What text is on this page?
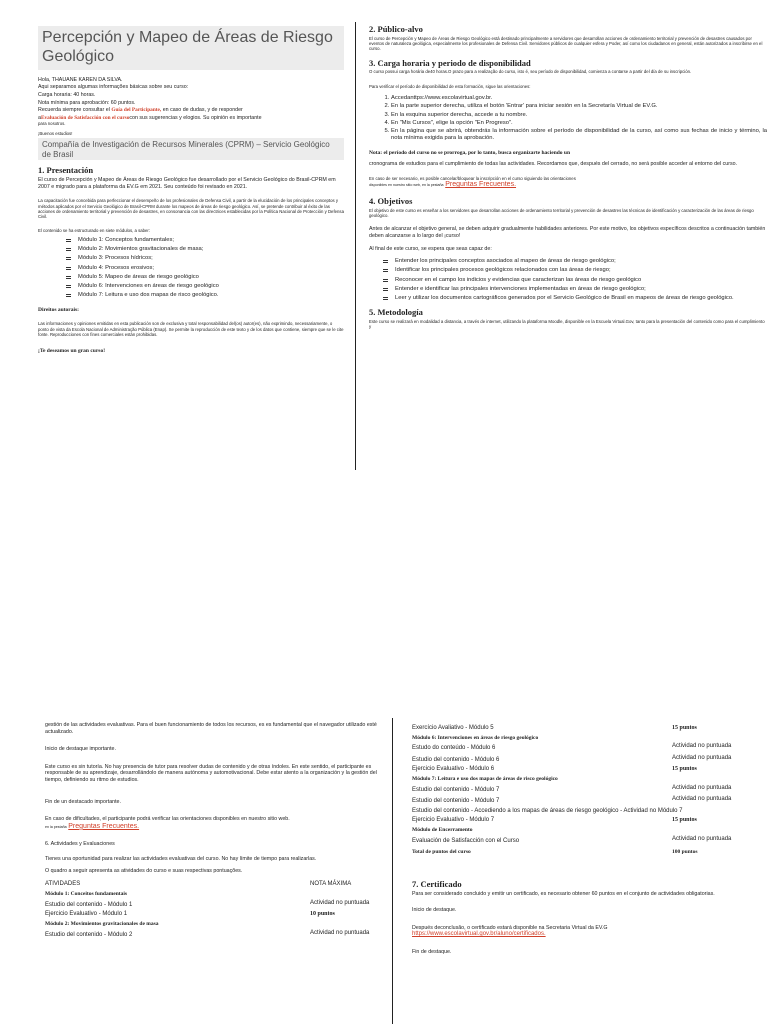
Percepción y Mapeo de Áreas de Riesgo Geológico

Hola, THAUANE KAREN DA SILVA.

Aqui separamos algumas informações básicas sobre seu curso:

Carga horaria: 40 horas.

Nota mínima para aprobación: 60 puntos.

Recuerda siempre consultar el Guía del Participante, en caso de dudas, y de responder

aEvaluación de Satisfacción con el cursocon sus sugerencias y elogios. Su opinión es importante

para nosotros.

¡Buenos estudios!

Compañía de Investigación de Recursos Minerales (CPRM) – Servicio Geológico de Brasil
1. Presentación

El curso de Percepción y Mapeo de Áreas de Riesgo Geológico fue desarrollado por el Servicio Geológico do Brasil-CPRM em 2007 e migrado para a plataforma da EV.G em 2021. Seu conteúdo foi revisado en 2021.

La capacitación fue concebida para perfeccionar el desempeño de los profesionales de Defensa Civil, a partir de la elucidación de los principales conceptos y métodos aplicados por el Servicio Geológico de Brasil-CPRM durante los mapeos de áreas de riesgo geológico. Así, se pretende contribuir al éxito de las acciones de ordenamiento territorial y prevención de desastres, en consonancia con las directrices establecidas por la Política Nacional de Protección y Defensa Civil.

El contenido se ha estructurado en siete módulos, a saber:

Módulo 1: Conceptos fundamentales;
Módulo 2: Movimientos gravitacionales de masa;
Módulo 3: Procesos hídricos;
Módulo 4: Procesos erosivos;
Módulo 5: Mapeo de áreas de riesgo geológico
Módulo 6: Intervenciones en áreas de riesgo geológico
Módulo 7: Leitura e uso dos mapas de risco geológico.

Direitos autorais:

Las informaciones y opiniones emitidas en esta publicación son de exclusiva y total responsabilidad del(os) autor(es), não exprimindo, necessariamente, o ponto de vista da Escola Nacional de Administração Pública (Enap). Se permite la reproducción de este texto y de los datos que contiene, siempre que se le cite fonte. Reproducciones con fines comerciales están prohibidas.

¡Te deseamos un gran curso!

2. Público-alvo

El curso de Percepción y Mapeo de Áreas de Riesgo Geológico está destinado principalmente a servidores que desarrollan acciones de ordenamiento territorial y prevención de desastres causados por eventos de naturaleza geológica, especialmente los profesionales de Defensa Civil. Servidores públicos de cualquier esfera y Poder, así como los ciudadanos en general, están autorizados a inscribirse en el curso.

3. Carga horaria y periodo de disponibilidad

O curso possui carga horária de40 horas.O prazo para a realização do curso, isto é, seu período de disponibilidad, comienza a contarse a partir del día de su inscripción.

Para verificar el período de disponibilidad de esta formación, sigue las orientaciones:

1. Accedanttps://www.escolavirtual.gov.br.
2. En la parte superior derecha, utiliza el botón 'Entrar' para iniciar sesión en la Secretaría Virtual de EV.G.
3. En la esquina superior derecha, accede a tu nombre.
4. En "Mis Cursos", elige la opción "En Progreso".
5. En la página que se abrirá, obtendrás la información sobre el período de disponibilidad de la curso, así como sus fechas de inicio y término, la nota mínima exigida para la aprobación.

Nota: el período del curso no se prorroga, por lo tanto, busca organizarte haciendo un

cronograma de estudios para el cumplimiento de todas las actividades. Recordamos que, después del cerrado, no será posible acceder al entorno del curso.

En caso de ser necesario, es posible cancelar/bloquear la inscripción en el curso siguiendo las orientaciones

disponibles en nuestro sitio web, en la pestaña Preguntas Frecuentes.

4. Objetivos

El objetivo de este curso es enseñar a los servidores que desarrollan acciones de ordenamiento territorial y prevención de desastres las técnicas de identificación y caracterización de las áreas de riesgo geológico.

Antes de alcanzar el objetivo general, se deben adquirir gradualmente habilidades anteriores. Por este motivo, los objetivos específicos descritos a continuación también deben alcanzarse a lo largo del ¡curso!

Al final de este curso, se espera que seas capaz de:

Entender los principales conceptos asociados al mapeo de áreas de riesgo geológico;
Identificar los principales procesos geológicos relacionados con las áreas de riesgo;
Reconocer en el campo los indicios y evidencias que caracterizan las áreas de riesgo geológico
Entender e identificar las principales intervenciones implementadas en áreas de riesgo geológico;
Leer y utilizar los documentos cartográficos generados por el Servicio Geológico de Brasil en mapeos de áreas de riesgo geológico.
5. Metodología

Este curso se realizará en modalidad a distancia, a través de internet, utilizando la plataforma Moodle, disponible en la Escuela Virtual.Gov, tanto para la presentación del contenido como para el cumplimiento y

gestión de las actividades evaluativas. Para el buen funcionamiento de todos los recursos, es es fundamental que el navegador utilizado esté actualizado.

Inicio de destaque importante.

Este curso es sin tutoría. No hay presencia de tutor para resolver dudas de contenido y de otras índoles. En este sentido, el participante es responsable de su aprendizaje, desarrollándolo de manera autónoma y automotivacional. Debe estar atento a la organización y la gestión del tiempo, definiendo su ritmo de estudios.

Fin de un destacado importante.

En caso de dificultades, el participante podrá verificar las orientaciones disponibles en nuestro sitio web.

en la pestaña Preguntas Frecuentes.

6. Actividades y Evaluaciones

Tienes una oportunidad para realizar las actividades evaluativas del curso. No hay límite de tiempo para realizarlas.

O quadro a seguir apresenta as atividades do curso e suas respectivas pontuações.

ATIVIDADES	NOTA MÁXIMA
Módulo 1: Conceitos fundamentais	
Estudio del contenido - Módulo 1	Actividad no puntuada
Ejercicio Evaluativo - Módulo 1	10 puntos
Módulo 2: Movimientos gravitacionales de masa	
Estudio del contenido - Módulo 2	Actividad no puntuada
Exercício Avaliativo - Módulo 5	15 puntos
Módulo 6: Intervenciones en áreas de riesgo geológico	
Estudo do conteúdo - Módulo 6	Actividad no puntuada
Estudio del contenido - Módulo 6	Actividad no puntuada
Ejercicio Evaluativo - Módulo 6	15 puntos
Módulo 7: Leitura e uso dos mapas de áreas de risco geológico	
Estudio del contenido - Módulo 7	Actividad no puntuada
Estudio del contenido - Módulo 7	Actividad no puntuada
Estudio del contenido - Accediendo a los mapas de áreas de riesgo geológico - Actividad no Módulo 7	
Ejercicio Evaluativo - Módulo 7	15 puntos
Módulo de Encerramento	
Evaluación de Satisfacción con el Curso	Actividad no puntuada
Total de puntos del curso	100 puntos
7. Certificado

Para ser considerado concluido y emitir un certificado, es necesario obtener 60 puntos en el conjunto de actividades obligatorias.

Inicio de destaque.

Después deconclusão, o certificado estará disponible na Secretaria Virtual da EV.G https://www.escolavirtual.gov.br/aluno/certificados.

Fin de destaque.
